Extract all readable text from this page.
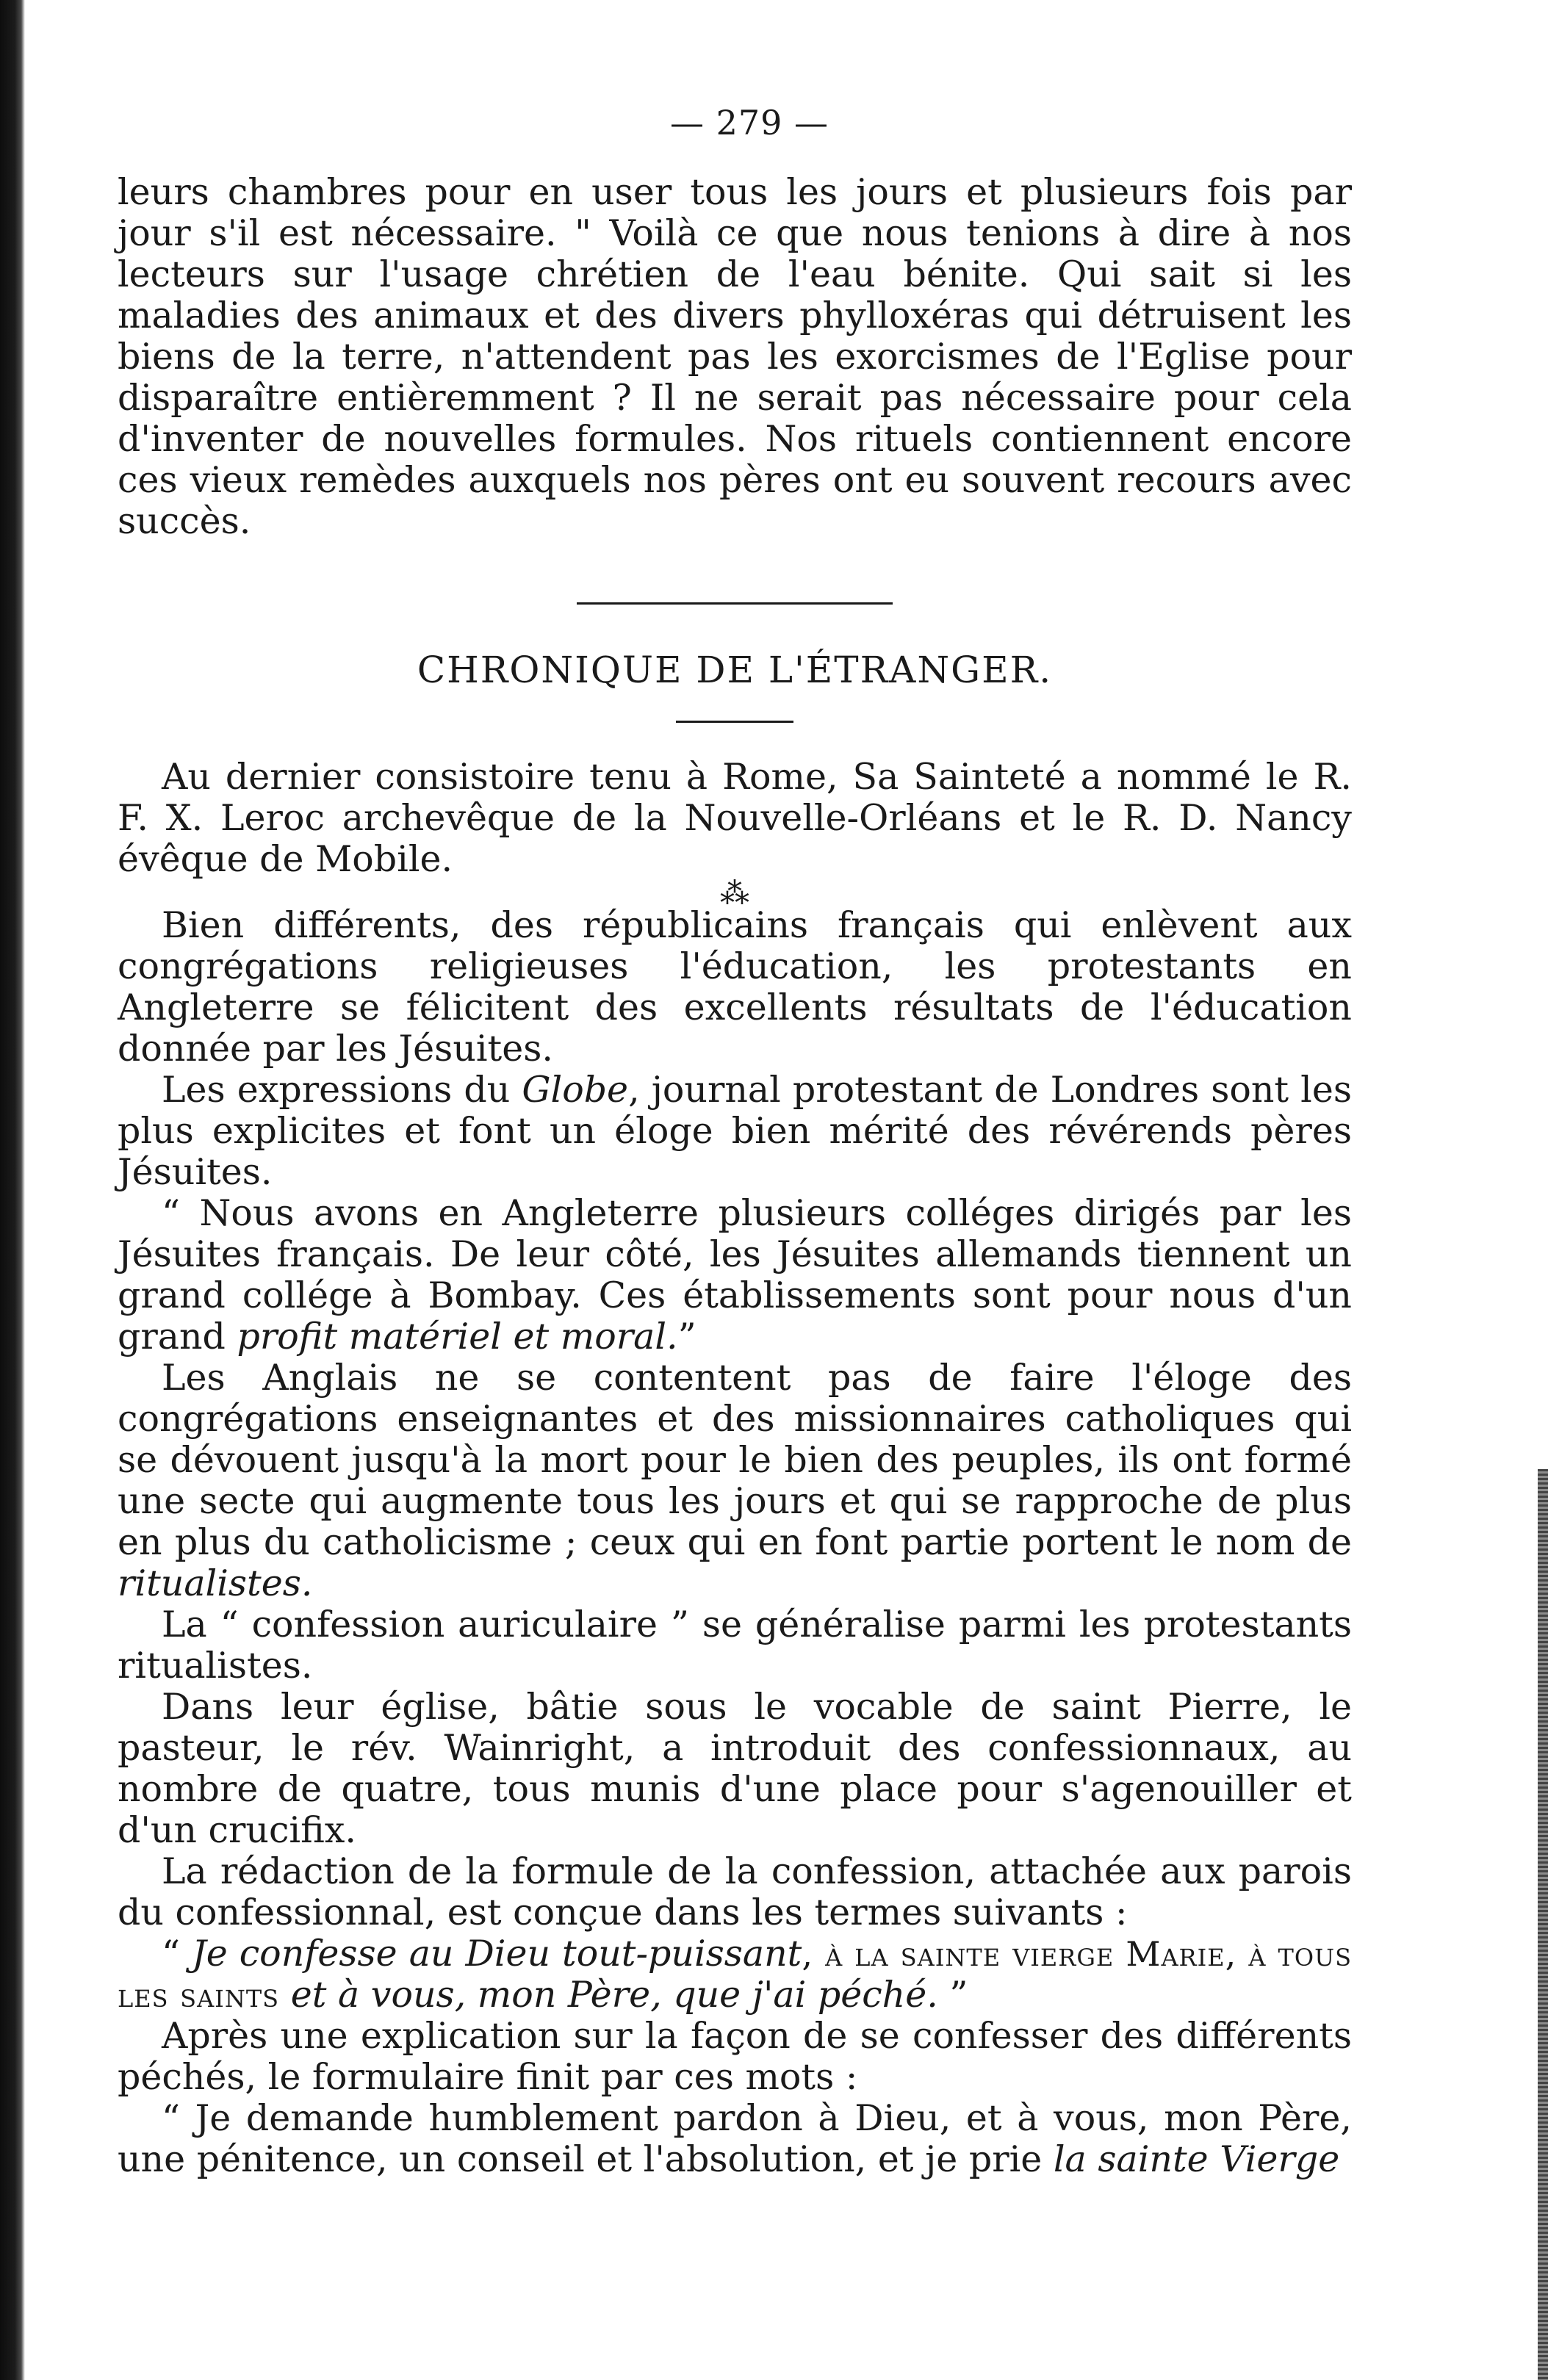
— 279 —

leurs chambres pour en user tous les jours et plusieurs fois par jour s'il est nécessaire. " Voilà ce que nous tenions à dire à nos lecteurs sur l'usage chrétien de l'eau bénite. Qui sait si les maladies des animaux et des divers phylloxéras qui détruisent les biens de la terre, n'attendent pas les exorcismes de l'Eglise pour disparaître entièremment ? Il ne serait pas nécessaire pour cela d'inventer de nouvelles formules. Nos rituels contiennent encore ces vieux remèdes auxquels nos pères ont eu souvent recours avec succès.

CHRONIQUE DE L'ÉTRANGER.

Au dernier consistoire tenu à Rome, Sa Sainteté a nommé le R. F. X. Leroc archevêque de la Nouvelle-Orléans et le R. D. Nancy évêque de Mobile.

⁂

Bien différents, des républicains français qui enlèvent aux congrégations religieuses l'éducation, les protestants en Angleterre se félicitent des excellents résultats de l'éducation donnée par les Jésuites.

Les expressions du Globe, journal protestant de Londres sont les plus explicites et font un éloge bien mérité des révérends pères Jésuites.

“ Nous avons en Angleterre plusieurs colléges dirigés par les Jésuites français. De leur côté, les Jésuites allemands tiennent un grand collége à Bombay. Ces établissements sont pour nous d'un grand profit matériel et moral.”

Les Anglais ne se contentent pas de faire l'éloge des congrégations enseignantes et des missionnaires catholiques qui se dévouent jusqu'à la mort pour le bien des peuples, ils ont formé une secte qui augmente tous les jours et qui se rapproche de plus en plus du catholicisme ; ceux qui en font partie portent le nom de ritualistes.

La “ confession auriculaire ” se généralise parmi les protestants ritualistes.

Dans leur église, bâtie sous le vocable de saint Pierre, le pasteur, le rév. Wainright, a introduit des confessionnaux, au nombre de quatre, tous munis d'une place pour s'agenouiller et d'un crucifix.

La rédaction de la formule de la confession, attachée aux parois du confessionnal, est conçue dans les termes suivants :

“ Je confesse au Dieu tout-puissant, à la sainte vierge Marie, à tous les saints et à vous, mon Père, que j'ai péché. ”

Après une explication sur la façon de se confesser des différents péchés, le formulaire finit par ces mots :

“ Je demande humblement pardon à Dieu, et à vous, mon Père, une pénitence, un conseil et l'absolution, et je prie la sainte Vierge
